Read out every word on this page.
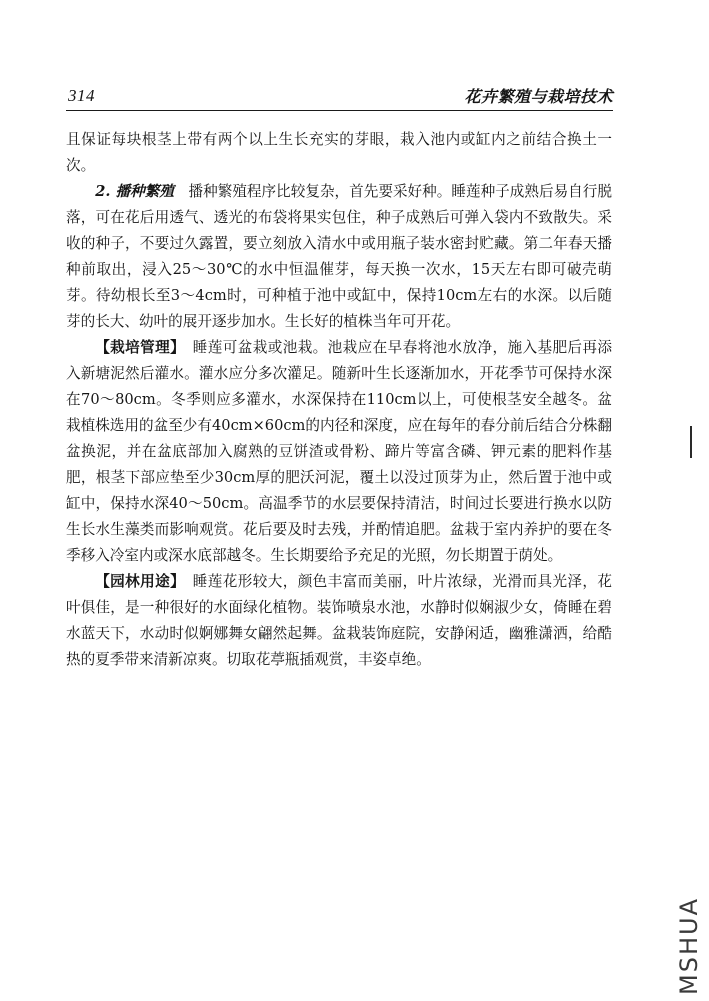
314	花卉繁殖与栽培技术

且保证每块根茎上带有两个以上生长充实的芽眼，栽入池内或缸内之前结合换土一次。

2. 播种繁殖　播种繁殖程序比较复杂，首先要采好种。睡莲种子成熟后易自行脱落，可在花后用透气、透光的布袋将果实包住，种子成熟后可弹入袋内不致散失。采收的种子，不要过久露置，要立刻放入清水中或用瓶子装水密封贮藏。第二年春天播种前取出，浸入25～30℃的水中恒温催芽，每天换一次水，15天左右即可破壳萌芽。待幼根长至3～4cm时，可种植于池中或缸中，保持10cm左右的水深。以后随芽的长大、幼叶的展开逐步加水。生长好的植株当年可开花。

【栽培管理】　睡莲可盆栽或池栽。池栽应在早春将池水放净，施入基肥后再添入新塘泥然后灌水。灌水应分多次灌足。随新叶生长逐渐加水，开花季节可保持水深在70～80cm。冬季则应多灌水，水深保持在110cm以上，可使根茎安全越冬。盆栽植株选用的盆至少有40cm×60cm的内径和深度，应在每年的春分前后结合分株翻盆换泥，并在盆底部加入腐熟的豆饼渣或骨粉、蹄片等富含磷、钾元素的肥料作基肥，根茎下部应垫至少30cm厚的肥沃河泥，覆土以没过顶芽为止，然后置于池中或缸中，保持水深40～50cm。高温季节的水层要保持清洁，时间过长要进行换水以防生长水生藻类而影响观赏。花后要及时去残，并酌情追肥。盆栽于室内养护的要在冬季移入冷室内或深水底部越冬。生长期要给予充足的光照，勿长期置于荫处。

【园林用途】　睡莲花形较大，颜色丰富而美丽，叶片浓绿，光滑而具光泽，花叶俱佳，是一种很好的水面绿化植物。装饰喷泉水池，水静时似娴淑少女，倚睡在碧水蓝天下，水动时似婀娜舞女翩然起舞。盆栽装饰庭院，安静闲适，幽雅潇洒，给酷热的夏季带来清新凉爽。切取花葶瓶插观赏，丰姿卓绝。

MSHUA
